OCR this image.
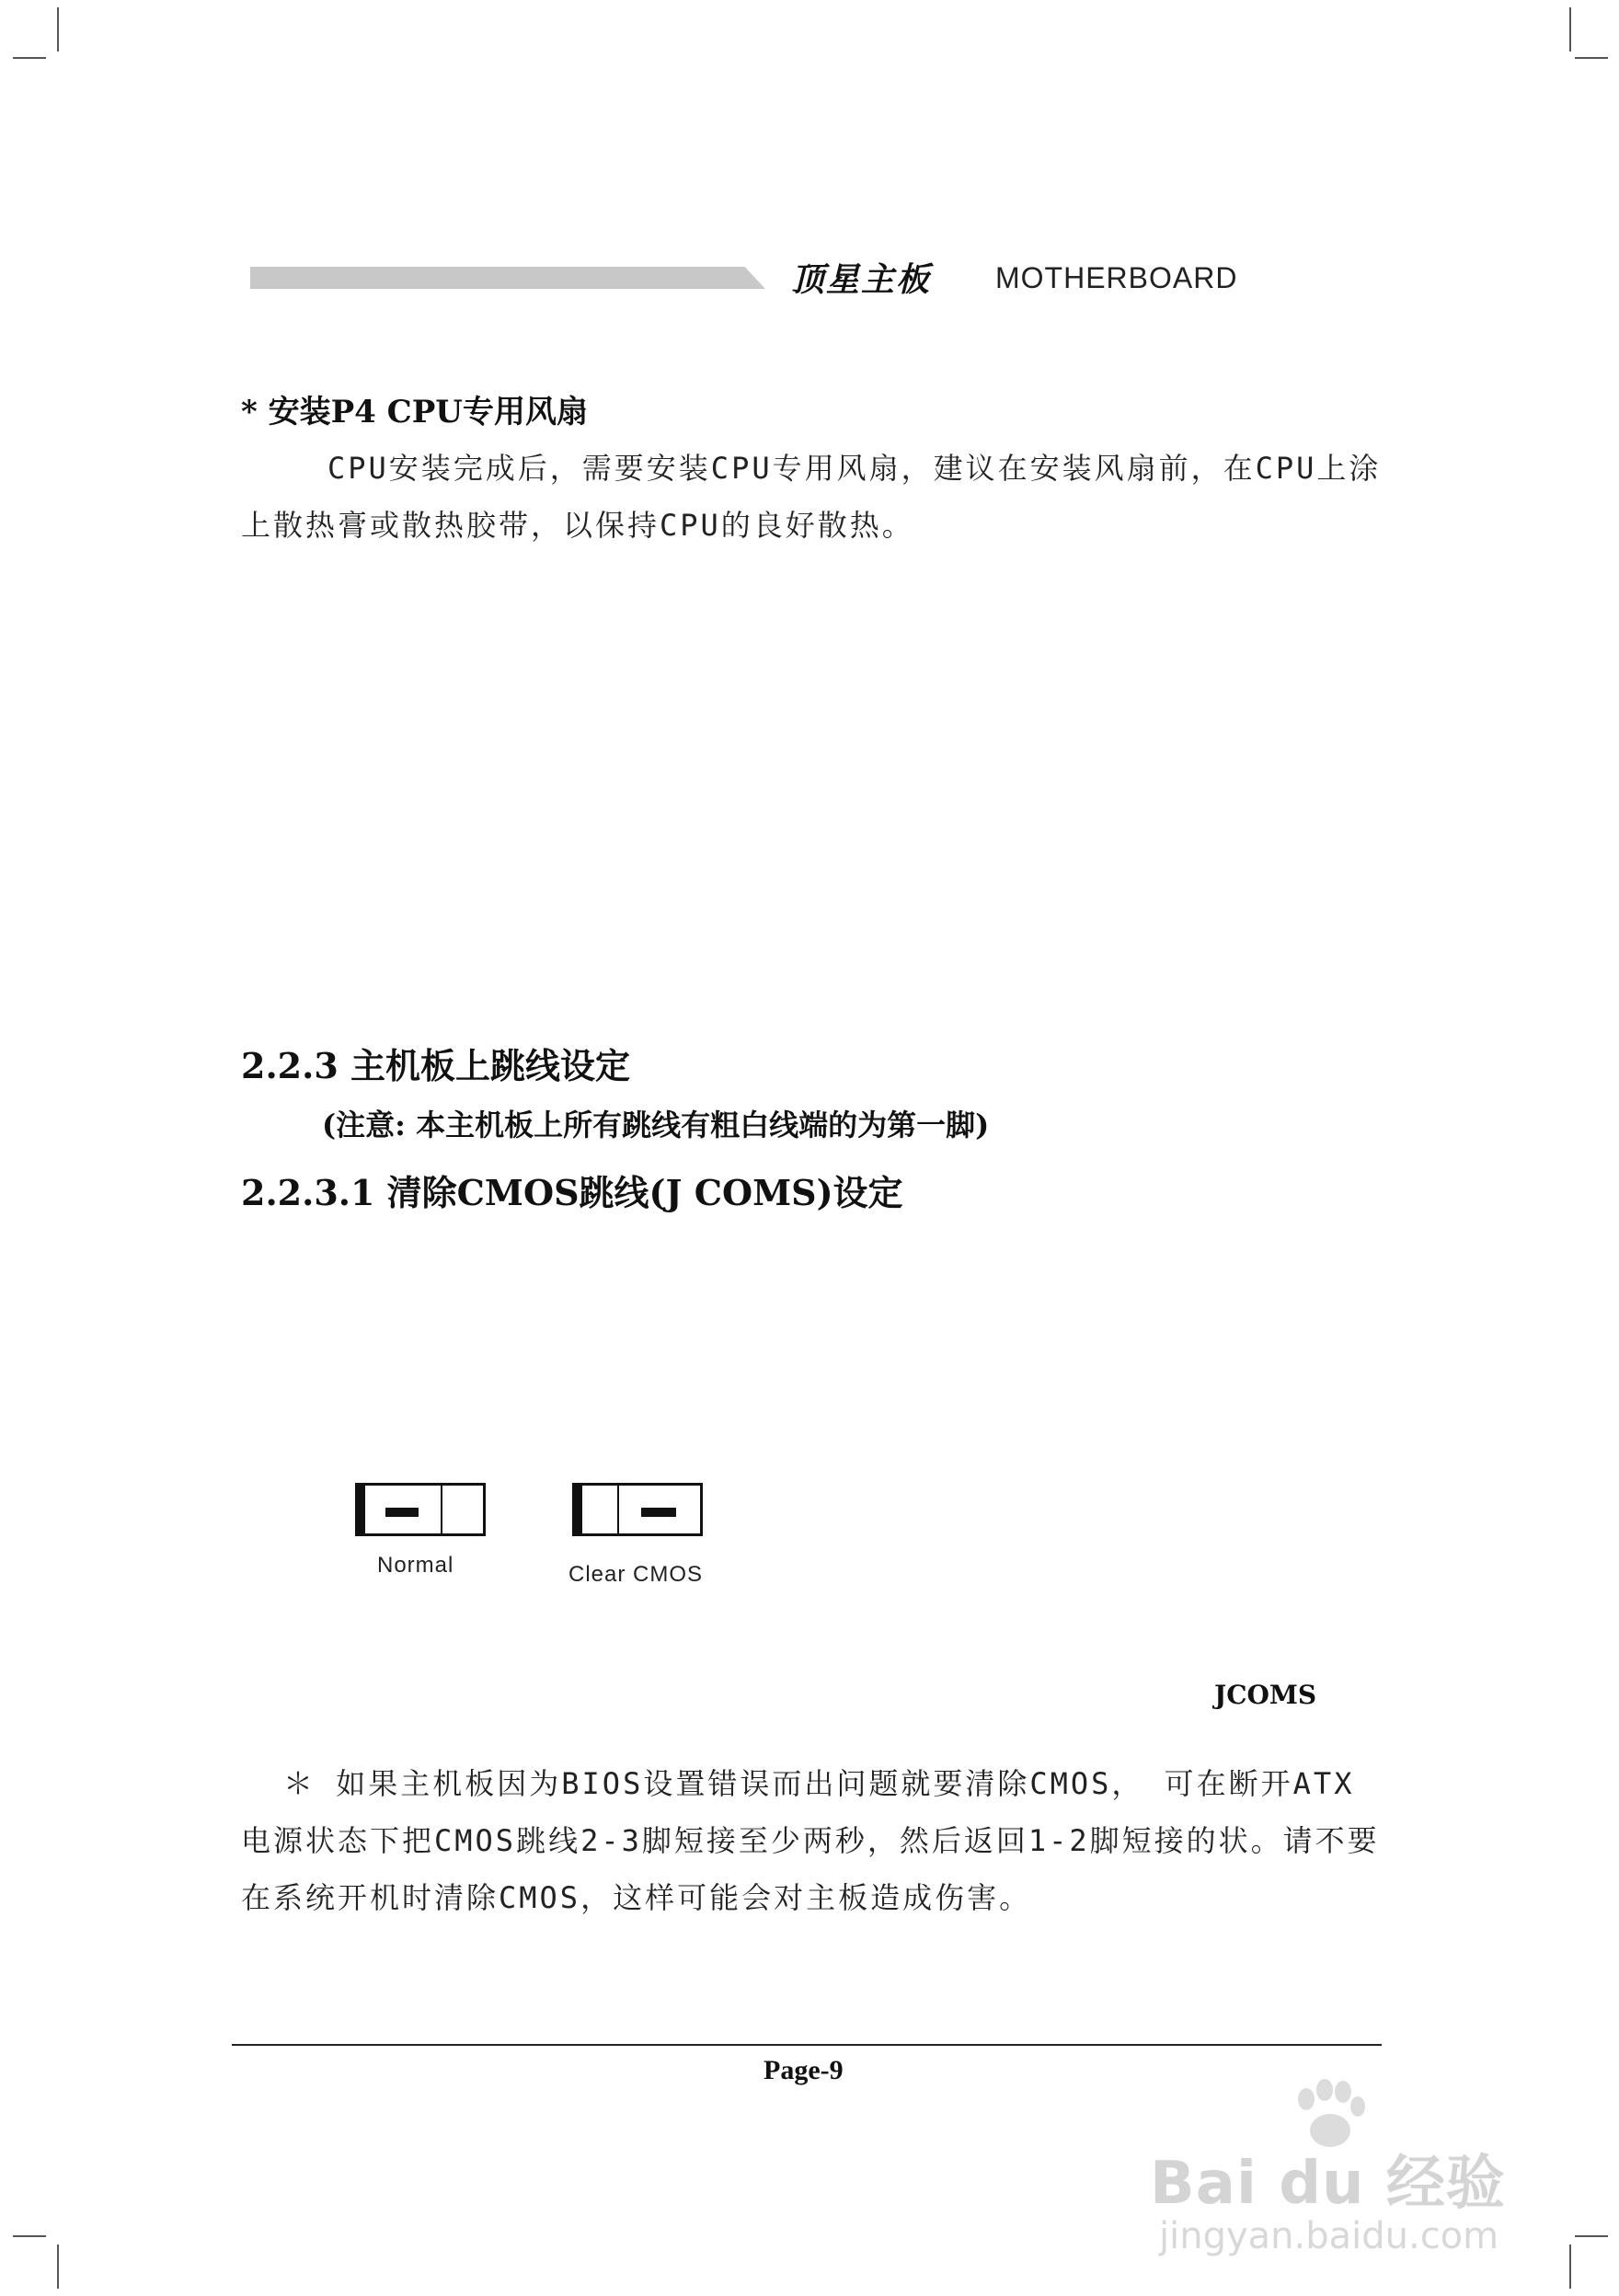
顶星主板 MOTHERBOARD
* 安装P4 CPU专用风扇
CPU安装完成后，需要安装CPU专用风扇，建议在安装风扇前，在CPU上涂上散热膏或散热胶带，以保持CPU的良好散热。
2.2.3 主机板上跳线设定
(注意: 本主机板上所有跳线有粗白线端的为第一脚)
2.2.3.1 清除CMOS跳线(J COMS)设定
Normal	Clear CMOS
JCOMS
＊ 如果主机板因为BIOS设置错误而出问题就要清除CMOS， 可在断开ATX电源状态下把CMOS跳线2-3脚短接至少两秒，然后返回1-2脚短接的状。请不要在系统开机时清除CMOS，这样可能会对主板造成伤害。
Page-9
Bai du 经验
jingyan.baidu.com
